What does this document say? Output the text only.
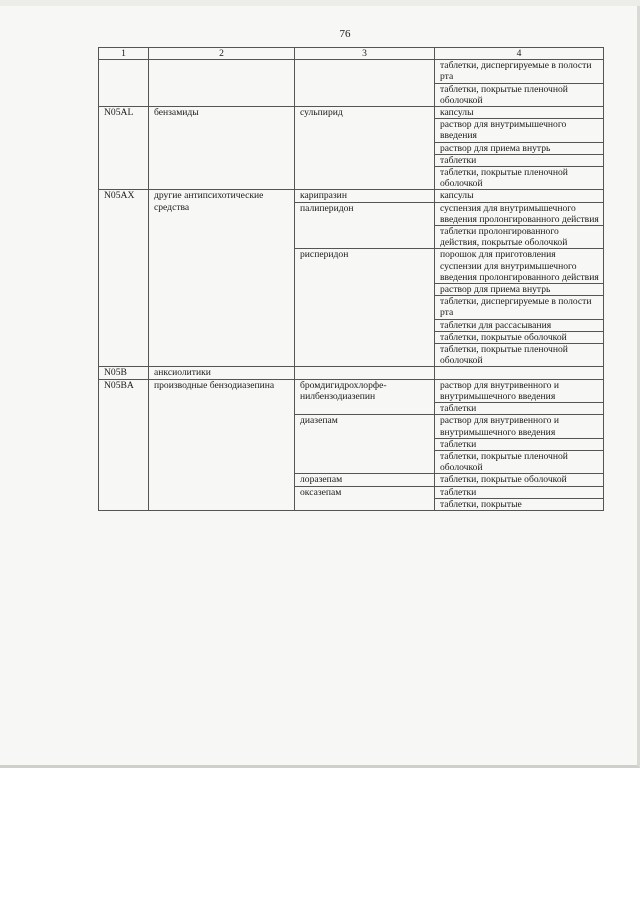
76
1	2	3	4
			таблетки, диспергируемые в полости рта
			таблетки, покрытые пленочной оболочкой
N05AL	бензамиды	сульпирид	капсулы
			раствор для внутримышечного введения
			раствор для приема внутрь
			таблетки
			таблетки, покрытые пленочной оболочкой
N05AX	другие антипсихотические средства	карипразин	капсулы
		палиперидон	суспензия для внутримышечного введения пролонгированного действия
			таблетки пролонгированного действия, покрытые оболочкой
		рисперидон	порошок для приготовления суспензии для внутримышечного введения пролонгированного действия
			раствор для приема внутрь
			таблетки, диспергируемые в полости рта
			таблетки для рассасывания
			таблетки, покрытые оболочкой
			таблетки, покрытые пленочной оболочкой
N05B	анксиолитики		
N05BA	производные бензодиазепина	бромдигидрохлорфе-нилбензодиазепин	раствор для внутривенного и внутримышечного введения
			таблетки
		диазепам	раствор для внутривенного и внутримышечного введения
			таблетки
			таблетки, покрытые пленочной оболочкой
		лоразепам	таблетки, покрытые оболочкой
		оксазепам	таблетки
			таблетки, покрытые
